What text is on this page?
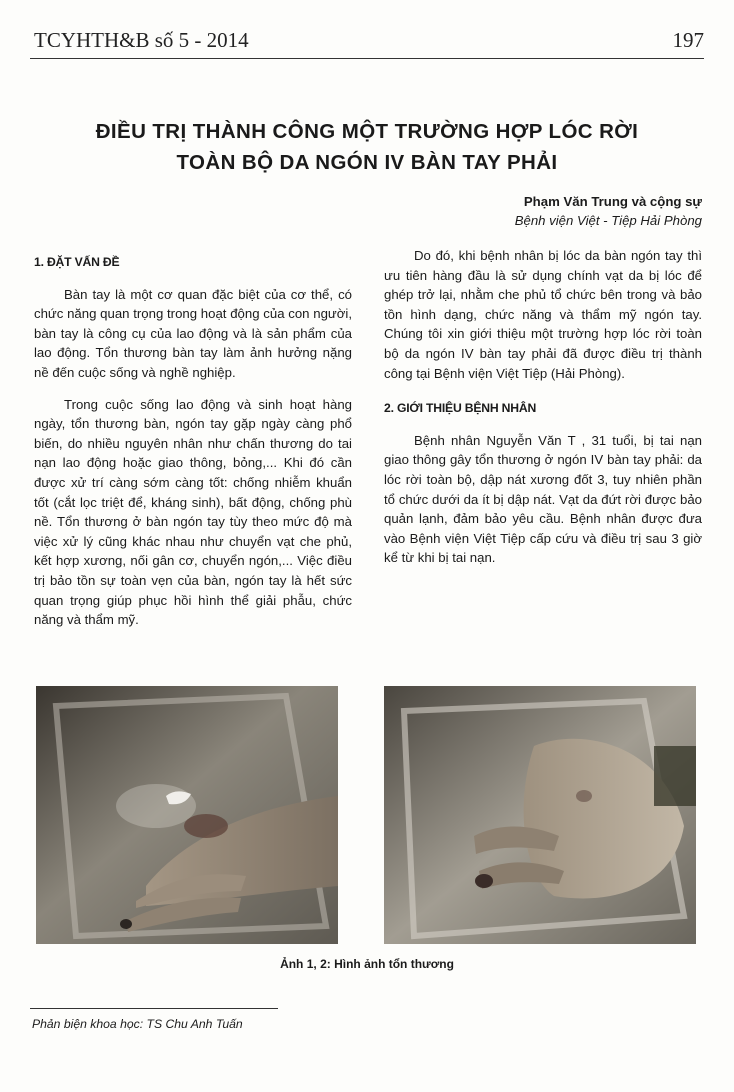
TCYHTH&B số 5 - 2014	197
ĐIỀU TRỊ THÀNH CÔNG MỘT TRƯỜNG HỢP LÓC RỜI
TOÀN BỘ DA NGÓN IV BÀN TAY PHẢI
Phạm Văn Trung và cộng sự
Bệnh viện Việt - Tiệp Hải Phòng
1. ĐẶT VẤN ĐỀ

Bàn tay là một cơ quan đặc biệt của cơ thể, có chức năng quan trọng trong hoạt động của con người, bàn tay là công cụ của lao động và là sản phẩm của lao động. Tổn thương bàn tay làm ảnh hưởng nặng nề đến cuộc sống và nghề nghiệp.

Trong cuộc sống lao động và sinh hoạt hàng ngày, tổn thương bàn, ngón tay gặp ngày càng phổ biến, do nhiều nguyên nhân như chấn thương do tai nạn lao động hoặc giao thông, bỏng,... Khi đó cần được xử trí càng sớm càng tốt: chống nhiễm khuẩn tốt (cắt lọc triệt để, kháng sinh), bất động, chống phù nề. Tổn thương ở bàn ngón tay tùy theo mức độ mà việc xử lý cũng khác nhau như chuyển vạt che phủ, kết hợp xương, nối gân cơ, chuyển ngón,... Việc điều trị bảo tồn sự toàn vẹn của bàn, ngón tay là hết sức quan trọng giúp phục hồi hình thể giải phẫu, chức năng và thẩm mỹ.

Do đó, khi bệnh nhân bị lóc da bàn ngón tay thì ưu tiên hàng đầu là sử dụng chính vạt da bị lóc để ghép trở lại, nhằm che phủ tổ chức bên trong và bảo tồn hình dạng, chức năng và thẩm mỹ ngón tay. Chúng tôi xin giới thiệu một trường hợp lóc rời toàn bộ da ngón IV bàn tay phải đã được điều trị thành công tại Bệnh viện Việt Tiệp (Hải Phòng).

2. GIỚI THIỆU BỆNH NHÂN

Bệnh nhân Nguyễn Văn T , 31 tuổi, bị tai nạn giao thông gây tổn thương ở ngón IV bàn tay phải: da lóc rời toàn bộ, dập nát xương đốt 3, tuy nhiên phần tổ chức dưới da ít bị dập nát. Vạt da đứt rời được bảo quản lạnh, đảm bảo yêu cầu. Bệnh nhân được đưa vào Bệnh viện Việt Tiệp cấp cứu và điều trị sau 3 giờ kể từ khi bị tai nạn.

Ảnh 1, 2: Hình ảnh tổn thương
Phản biện khoa học: TS Chu Anh Tuấn
